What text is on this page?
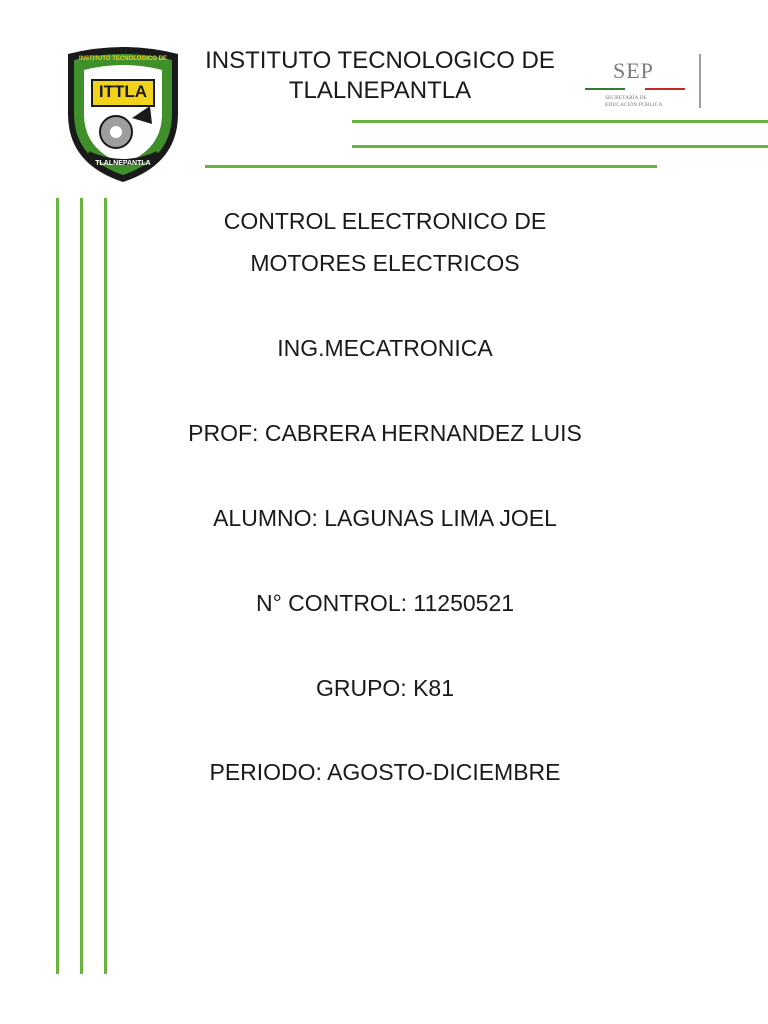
ITTLA
INSTITUTO TECNOLOGICO DE
TLALNEPANTLA
INSTITUTO TECNOLOGICO DE
TLALNEPANTLA
SEP
SECRETARÍA DE EDUCACIÓN PÚBLICA
CONTROL ELECTRONICO DE
MOTORES ELECTRICOS
ING.MECATRONICA
PROF: CABRERA HERNANDEZ LUIS
ALUMNO: LAGUNAS LIMA JOEL
N° CONTROL: 11250521
GRUPO: K81
PERIODO: AGOSTO-DICIEMBRE
